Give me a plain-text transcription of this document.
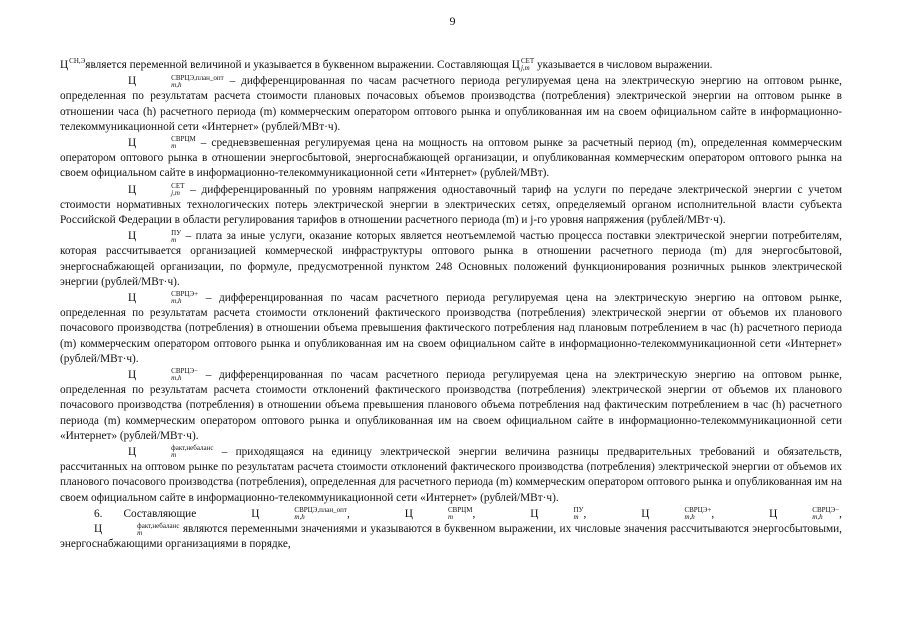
9

Ц СН,Э
является переменной величиной и указывается в буквенном выражении. Составляющая Ц СЕТ
j,m указывается в числовом выражении.

Ц	СВРЦЭ,план_опт
m,h	– дифференцированная по часам расчетного периода регулируемая цена на электрическую энергию на оптовом рынке, определенная по результатам расчета стоимости плановых почасовых объемов производства (потребления) электрической энергии на оптовом рынке в отношении часа (h) расчетного периода (m) коммерческим оператором оптового рынка и опубликованная им на своем официальном сайте в информационно-телекоммуникационной сети «Интернет» (рублей/МВт·ч).

Ц	СВРЦМ
m	– средневзвешенная регулируемая цена на мощность на оптовом рынке за расчетный период (m), определенная коммерческим оператором оптового рынка в отношении энергосбытовой, энергоснабжающей организации, и опубликованная коммерческим оператором оптового рынка на своем официальном сайте в информационно-телекоммуникационной сети «Интернет» (рублей/МВт).

Ц	СЕТ
j,m – дифференцированный по уровням напряжения одноставочный тариф на услуги по передаче электрической энергии с учетом стоимости нормативных технологических потерь электрической энергии в электрических сетях, определяемый органом исполнительной власти субъекта Российской Федерации в области регулирования тарифов в отношении расчетного периода (m) и j-го уровня напряжения (рублей/МВт·ч).

Ц	ПУ
m – плата за иные услуги, оказание которых является неотъемлемой частью процесса поставки электрической энергии потребителям, которая рассчитывается организацией коммерческой инфраструктуры оптового рынка в отношении расчетного периода (m) для энергосбытовой, энергоснабжающей организации, по формуле, предусмотренной пунктом 248 Основных положений функционирования розничных рынков электрической энергии (рублей/МВт·ч).

Ц	СВРЦЭ+
m,h	– дифференцированная по часам расчетного периода регулируемая цена на электрическую энергию на оптовом рынке, определенная по результатам расчета стоимости отклонений фактического производства (потребления) электрической энергии от объемов их планового почасового производства (потребления) в отношении объема превышения фактического потребления над плановым потреблением в час (h) расчетного периода (m) коммерческим оператором оптового рынка и опубликованная им на своем официальном сайте в информационно-телекоммуникационной сети «Интернет» (рублей/МВт·ч).

Ц	СВРЦЭ−
m,h	– дифференцированная по часам расчетного периода регулируемая цена на электрическую энергию на оптовом рынке, определенная по результатам расчета стоимости отклонений фактического производства (потребления) электрической энергии от объемов их планового почасового производства (потребления) в отношении объема превышения планового объема потребления над фактическим потреблением в час (h) расчетного периода (m) коммерческим оператором оптового рынка и опубликованная им на своем официальном сайте в информационно-телекоммуникационной сети «Интернет» (рублей/МВт·ч).

Ц	факт,небаланс
m	– приходящаяся на единицу электрической энергии величина разницы предварительных требований и обязательств, рассчитанных на оптовом рынке по результатам расчета стоимости отклонений фактического производства (потребления) электрической энергии от объемов их планового почасового производства (потребления), определенная для расчетного периода (m) коммерческим оператором оптового рынка и опубликованная им на своем официальном сайте в информационно-телекоммуникационной сети «Интернет» (рублей/МВт·ч).

6. Составляющие	Ц	СВРЦЭ,план_опт
m,h	,	Ц	СВРЦМ
m	,	Ц	ПУ
m ,	Ц	СВРЦЭ+
m,h	,	Ц	СВРЦЭ−
m,h	, Ц	факт,небаланс
m	являются переменными значениями и указываются в буквенном выражении, их числовые значения рассчитываются энергосбытовыми, энергоснабжающими организациями в порядке,
